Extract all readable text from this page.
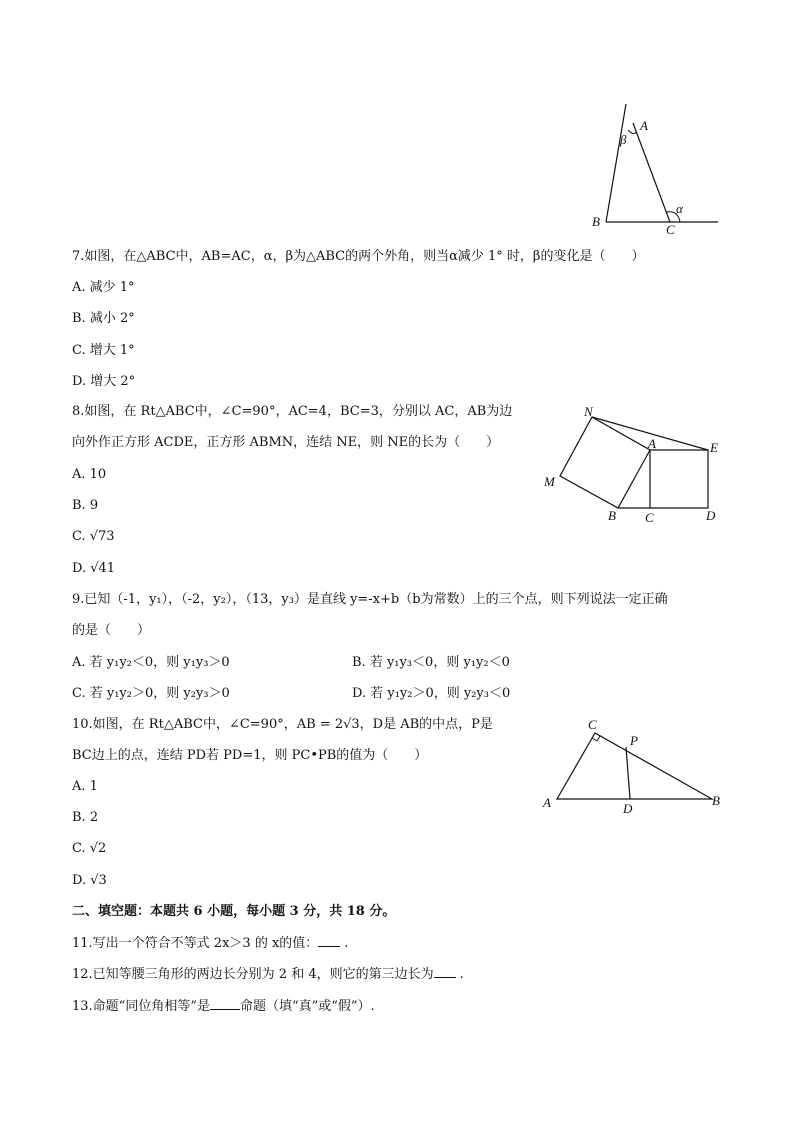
A
β
B
C
α
7.如图，在△ABC中，AB=AC，α，β为△ABC的两个外角，则当α减少 1° 时，β的变化是（　　）
A. 减少 1°
B. 减小 2°
C. 增大 1°
D. 增大 2°
N
A	E
M
B C	D
8.如图，在 Rt△ABC中，∠C=90°，AC=4，BC=3，分别以 AC，AB为边
向外作正方形 ACDE，正方形 ABMN，连结 NE，则 NE的长为（　　）
A. 10
B. 9
C. √73
D. √41
9.已知（-1，y₁），（-2，y₂），（13，y₃）是直线 y=-x+b（b为常数）上的三个点，则下列说法一定正确
的是（　　）
A. 若 y₁y₂＜0，则 y₁y₃＞0	B. 若 y₁y₃＜0，则 y₁y₂＜0
C. 若 y₁y₂＞0，则 y₂y₃＞0	D. 若 y₁y₂＞0，则 y₂y₃＜0
C
P
A	D
B
10.如图，在 Rt△ABC中，∠C=90°，AB = 2√3，D是 AB的中点，P是
BC边上的点，连结 PD若 PD=1，则 PC•PB的值为（　　）
A. 1
B. 2
C. √2
D. √3
二、填空题：本题共 6 小题，每小题 3 分，共 18 分。
11.写出一个符合不等式 2x＞3 的 x的值： .
12.已知等腰三角形的两边长分别为 2 和 4，则它的第三边长为 .
13.命题“同位角相等”是 命题（填“真”或“假”）.
